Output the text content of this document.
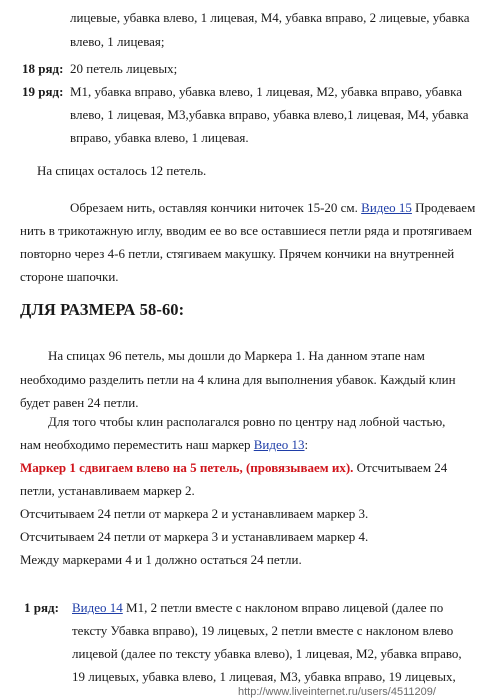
лицевые, убавка влево, 1 лицевая, М4, убавка вправо, 2 лицевые, убавка
влево, 1 лицевая;
18 ряд: 20 петель лицевых;
19 ряд: М1, убавка вправо, убавка влево, 1 лицевая, М2, убавка вправо, убавка
влево, 1 лицевая, М3,убавка вправо, убавка влево,1 лицевая, М4, убавка
вправо, убавка влево, 1 лицевая.
На спицах осталось 12 петель.
Обрезаем нить, оставляя кончики ниточек 15-20 см. Видео 15 Продеваем
нить в трикотажную иглу, вводим ее во все оставшиеся петли ряда и протягиваем
повторно через 4-6 петли, стягиваем макушку. Прячем кончики на внутренней
стороне шапочки.
ДЛЯ РАЗМЕРА 58-60:
На спицах 96 петель, мы дошли до Маркера 1. На данном этапе нам
необходимо разделить петли на 4 клина для выполнения убавок. Каждый клин
будет равен 24 петли.
Для того чтобы клин располагался ровно по центру над лобной частью,
нам необходимо переместить наш маркер Видео 13:
Маркер 1 сдвигаем влево на 5 петель, (провязываем их). Отсчитываем 24
петли, устанавливаем маркер 2.
Отсчитываем 24 петли от маркера 2 и устанавливаем маркер 3.
Отсчитываем 24 петли от маркера 3 и устанавливаем маркер 4.
Между маркерами 4 и 1 должно остаться 24 петли.
1 ряд: Видео 14 М1, 2 петли вместе с наклоном вправо лицевой (далее по
тексту Убавка вправо), 19 лицевых, 2 петли вместе с наклоном влево
лицевой (далее по тексту убавка влево), 1 лицевая, М2, убавка вправо,
19 лицевых, убавка влево, 1 лицевая, М3, убавка вправо, 19 лицевых,
http://www.liveinternet.ru/users/4511209/
